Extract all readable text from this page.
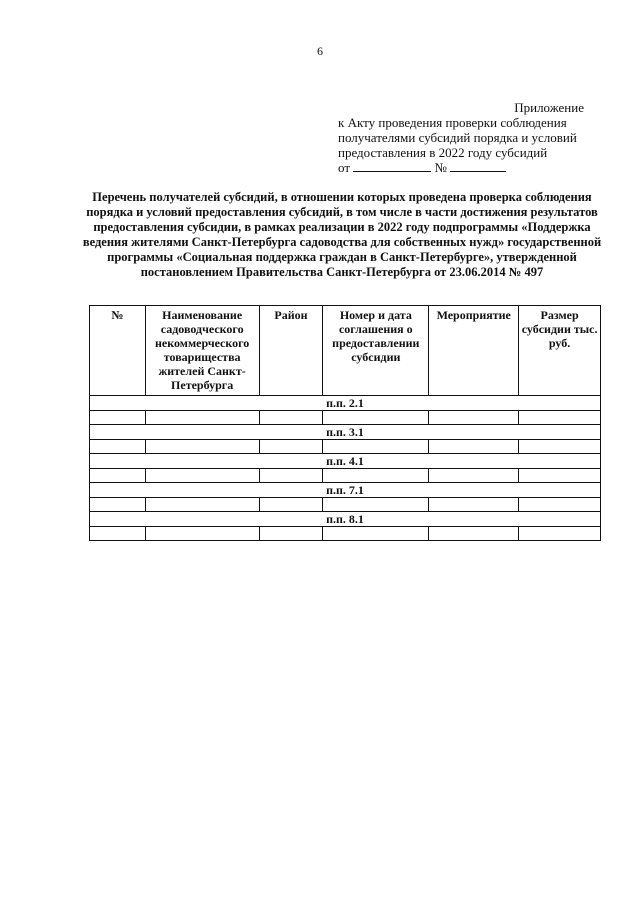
6
Приложение
к Акту проведения проверки соблюдения
получателями субсидий порядка и условий
предоставления в 2022 году субсидий
от	№
Перечень получателей субсидий, в отношении которых проведена проверка соблюдения порядка и условий предоставления субсидий, в том числе в части достижения результатов предоставления субсидии, в рамках реализации в 2022 году подпрограммы «Поддержка ведения жителями Санкт-Петербурга садоводства для собственных нужд» государственной программы «Социальная поддержка граждан в Санкт-Петербурге», утвержденной постановлением Правительства Санкт-Петербурга от 23.06.2014 № 497
№	Наименование садоводческого некоммерческого товарищества жителей Санкт-Петербурга	Район	Номер и дата соглашения о предоставлении субсидии	Мероприятие	Размер субсидии тыс. руб.
п.п. 2.1					

п.п. 3.1					

п.п. 4.1					

п.п. 7.1					

п.п. 8.1					
